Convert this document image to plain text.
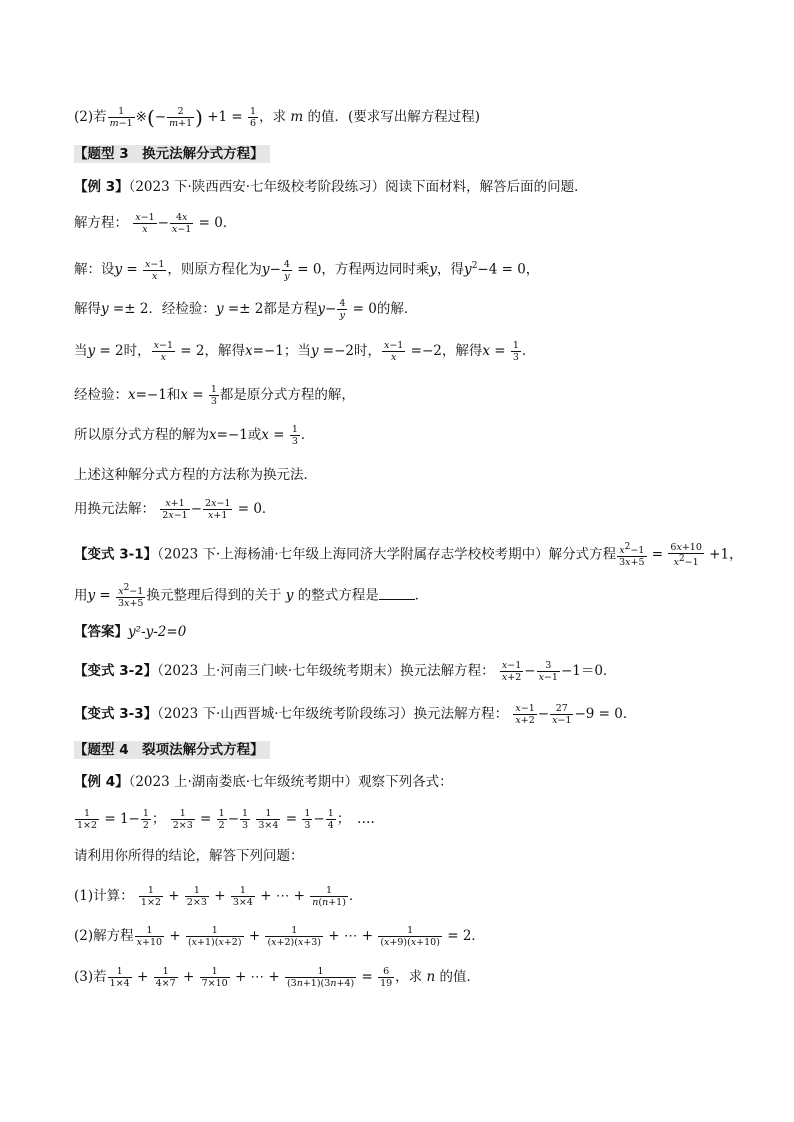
(2)若 $\frac{1}{m-1}$ ※(− $\frac{2}{m+1}$ ) $+1 = \frac{1}{6}$ ，求 m 的值．(要求写出解方程过程)
【题型 3　换元法解分式方程】
【例 3】（2023 下·陕西西安·七年级校考阶段练习）阅读下面材料，解答后面的问题．
解方程： $\frac{x-1}{x} - \frac{4x}{x-1} = 0$．
解：设$y = \frac{x-1}{x}$ ，则原方程化为$y- \frac{4}{y} = 0$，方程两边同时乘y，得$y^2-4 = 0$，
解得y =± 2．经检验：y =± 2都是方程$y- \frac{4}{y} = 0$的解．
当y = 2时， $\frac{x-1}{x} = 2$，解得x=−1；当y =−2时， $\frac{x-1}{x} =-2$，解得$x = \frac{1}{3}$ ．
经检验：x=−1和$x = \frac{1}{3}$ 都是原分式方程的解，
所以原分式方程的解为x=−1或$x = \frac{1}{3}$ ．
上述这种解分式方程的方法称为换元法．
用换元法解： $\frac{x+1}{2x-1} - \frac{2x-1}{x+1} = 0$．
【变式 3-1】（2023 下·上海杨浦·七年级上海同济大学附属存志学校校考期中）解分式方程 $\frac{x^2-1}{3x+5} = \frac{6x+10}{x^2-1} +1$，
用$y = \frac{x^2-1}{3x+5}$ 换元整理后得到的关于 y 的整式方程是	．
【答案】y²-y-2=0
【变式 3-2】（2023 上·河南三门峡·七年级统考期末）换元法解方程： $\frac{x-1}{x+2} - \frac{3}{x-1} -1=0$．
【变式 3-3】（2023 下·山西晋城·七年级统考阶段练习）换元法解方程： $\frac{x-1}{x+2} - \frac{27}{x-1} -9 = 0$．
【题型 4　裂项法解分式方程】
【例 4】（2023 上·湖南娄底·七年级统考期中）观察下列各式：
$\frac{1}{1\times 2} = 1- \frac{1}{2}$ ； $\frac{1}{2\times 3} = \frac{1}{2} - \frac{1}{3}$
$\frac{1}{3\times 4} = \frac{1}{3} - \frac{1}{4}$ ；　….
请利用你所得的结论，解答下列问题：
(1)计算： $\frac{1}{1\times 2} + \frac{1}{2\times 3} + \frac{1}{3\times 4}$ + ⋯ + $\frac{1}{n(n+1)}$ ．
(2)解方程 $\frac{1}{x+10} + \frac{1}{(x+1)(x+2)} + \frac{1}{(x+2)(x+3)}$ + ⋯ + $\frac{1}{(x+9)(x+10)} = 2$．
(3)若 $\frac{1}{1\times 4} + \frac{1}{4\times 7} + \frac{1}{7\times 10}$ + ⋯ + $\frac{1}{(3n+1)(3n+4)} = \frac{6}{19}$ ，求 n 的值．
